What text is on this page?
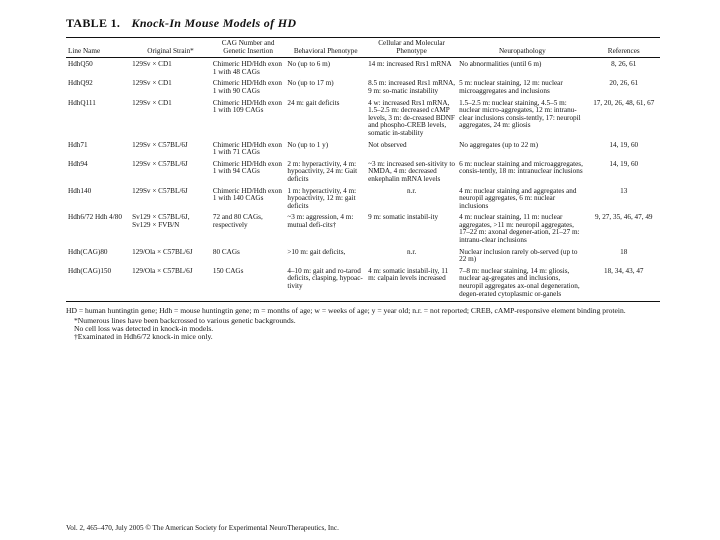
TABLE 1. Knock-In Mouse Models of HD
Line Name	Original Strain*	CAG Number and Genetic Insertion	Behavioral Phenotype	Cellular and Molecular Phenotype	Neuropathology	References

HdhQ50	129Sv × CD1	Chimeric HD/Hdh exon 1 with 48 CAGs	No (up to 6 m)	14 m: increased Rrs1 mRNA	No abnormalities (until 6 m)	8, 26, 61
HdhQ92	129Sv × CD1	Chimeric HD/Hdh exon 1 with 90 CAGs	No (up to 17 m)	8.5 m: increased Rrs1 mRNA, 9 m: so-matic instability	5 m: nuclear staining, 12 m: nuclear microaggregates and inclusions	20, 26, 61
HdhQ111	129Sv × CD1	Chimeric HD/Hdh exon 1 with 109 CAGs	24 m: gait deficits	4 w: increased Rrs1 mRNA, 1.5–2.5 m: decreased cAMP levels, 3 m: de-creased BDNF and phospho-CREB levels, somatic in-stability	1.5–2.5 m: nuclear staining, 4.5–5 m: nuclear micro-aggregates, 12 m: intranu-clear inclusions consis-tently, 17: neuropil aggregates, 24 m: gliosis	17, 20, 26, 48, 61, 67
Hdh71	129Sv × C57BL/6J	Chimeric HD/Hdh exon 1 with 71 CAGs	No (up to 1 y)	Not observed	No aggregates (up to 22 m)	14, 19, 60
Hdh94	129Sv × C57BL/6J	Chimeric HD/Hdh exon 1 with 94 CAGs	2 m: hyperactivity, 4 m: hypoactivity, 24 m: Gait deficits	~3 m: increased sen-sitivity to NMDA, 4 m: decreased enkephalin mRNA levels	6 m: nuclear staining and microaggregates, consis-tently, 18 m: intranuclear inclusions	14, 19, 60
Hdh140	129Sv × C57BL/6J	Chimeric HD/Hdh exon 1 with 140 CAGs	1 m: hyperactivity, 4 m: hypoactivity, 12 m: gait deficits	n.r.	4 m: nuclear staining and aggregates and neuropil aggregates, 6 m: nuclear inclusions	13
Hdh6/72 Hdh 4/80	Sv129 × C57BL/6J, Sv129 × FVB/N	72 and 80 CAGs, respectively	~3 m: aggression, 4 m: mutual defi-cits†	9 m: somatic instabil-ity	4 m: nuclear staining, 11 m: nuclear aggregates, >11 m: neuropil aggregates, 17–22 m: axonal degener-ation, 21–27 m: intranu-clear inclusions	9, 27, 35, 46, 47, 49
Hdh(CAG)80	129/Ola × C57BL/6J	80 CAGs	>10 m: gait deficits,	n.r.	Nuclear inclusion rarely ob-served (up to 22 m)	18
Hdh(CAG)150	129/Ola × C57BL/6J	150 CAGs	4–10 m: gait and ro-tarod deficits, clasping, hypoac-tivity	4 m: somatic instabil-ity, 11 m: calpain levels increased	7–8 m: nuclear staining, 14 m: gliosis, nuclear ag-gregates and inclusions, neuropil aggregates ax-onal degeneration, degen-erated cytoplasmic or-ganels	18, 34, 43, 47
HD = human huntingtin gene; Hdh = mouse huntingtin gene; m = months of age; w = weeks of age; y = year old; n.r. = not reported; CREB, cAMP-responsive element binding protein.
*Numerous lines have been backcrossed to various genetic backgrounds.
No cell loss was detected in knock-in models.
†Examinated in Hdh6/72 knock-in mice only.
Vol. 2, 465–470, July 2005 © The American Society for Experimental NeuroTherapeutics, Inc.
